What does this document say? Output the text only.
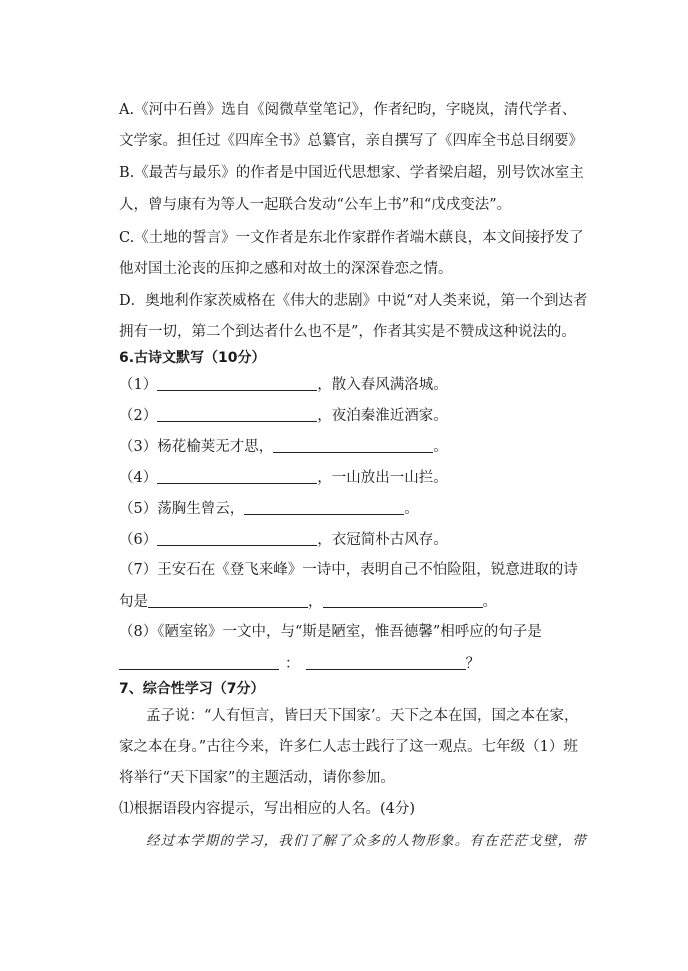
A.《河中石兽》选自《阅微草堂笔记》，作者纪昀，字晓岚，清代学者、
文学家。担任过《四库全书》总纂官，亲自撰写了《四库全书总目纲要》
B.《最苦与最乐》的作者是中国近代思想家、学者梁启超，别号饮冰室主
人，曾与康有为等人一起联合发动“公车上书”和“戊戌变法”。
C.《土地的誓言》一文作者是东北作家群作者端木蕻良，本文间接抒发了
他对国土沦丧的压抑之感和对故土的深深眷恋之情。
D．奥地利作家茨威格在《伟大的悲剧》中说“对人类来说，第一个到达者
拥有一切，第二个到达者什么也不是”，作者其实是不赞成这种说法的。
6.古诗文默写（10分）
（1）	，散入春风满洛城。
（2）	，夜泊秦淮近酒家。
（3）杨花榆荚无才思，	。
（4）	，一山放出一山拦。
（5）荡胸生曾云，	。
（6）	，衣冠简朴古风存。
（7）王安石在《登飞来峰》一诗中，表明自己不怕险阻，锐意进取的诗
句是	，	。
（8）《陋室铭》一文中，与“斯是陋室，惟吾德馨”相呼应的句子是
：	？
7、综合性学习（7分）
孟子说：“人有恒言，皆曰天下国家’。天下之本在国，国之本在家，
家之本在身。”古往今来，许多仁人志士践行了这一观点。七年级（1）班
将举行“天下国家”的主题活动，请你参加。
⑴根据语段内容提示，写出相应的人名。(4分)
经过本学期的学习，我们了解了众多的人物形象。有在茫茫戈壁，带
